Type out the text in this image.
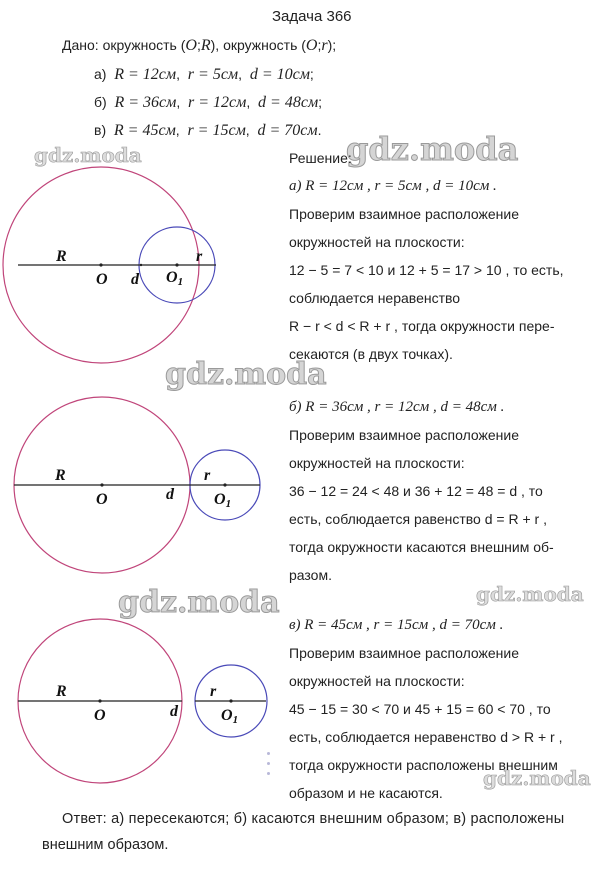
Задача 366
Дано: окружность (O;R), окружность (O;r);
а) R = 12см,  r = 5см,  d = 10см;
б) R = 36см,  r = 12см,  d = 48см;
в) R = 45см,  r = 15см,  d = 70см.
gdz.moda	gdz.moda
gdz.moda
gdz.moda	gdz.moda
gdz.moda
Решение:
а) R = 12см , r = 5см , d = 10см .
Проверим взаимное расположение
окружностей на плоскости:
12 − 5 = 7 < 10 и 12 + 5 = 17 > 10 , то есть,
соблюдается неравенство
R − r < d < R + r , тогда окружности пере-
секаются (в двух точках).
б) R = 36см , r = 12см , d = 48см .
Проверим взаимное расположение
окружностей на плоскости:
36 − 12 = 24 < 48 и 36 + 12 = 48 = d , то
есть, соблюдается равенство d = R + r ,
тогда окружности касаются внешним об-
разом.
в) R = 45см , r = 15см , d = 70см .
Проверим взаимное расположение
окружностей на плоскости:
45 − 15 = 30 < 70 и 45 + 15 = 60 < 70 , то
есть, соблюдается неравенство d > R + r ,
тогда окружности расположены внешним
образом и не касаются.
Ответ: а) пересекаются; б) касаются внешним образом; в) расположены
внешним образом.
R
O d
r
O1
R
O	d
r
O1
R
O	d
r
O1
